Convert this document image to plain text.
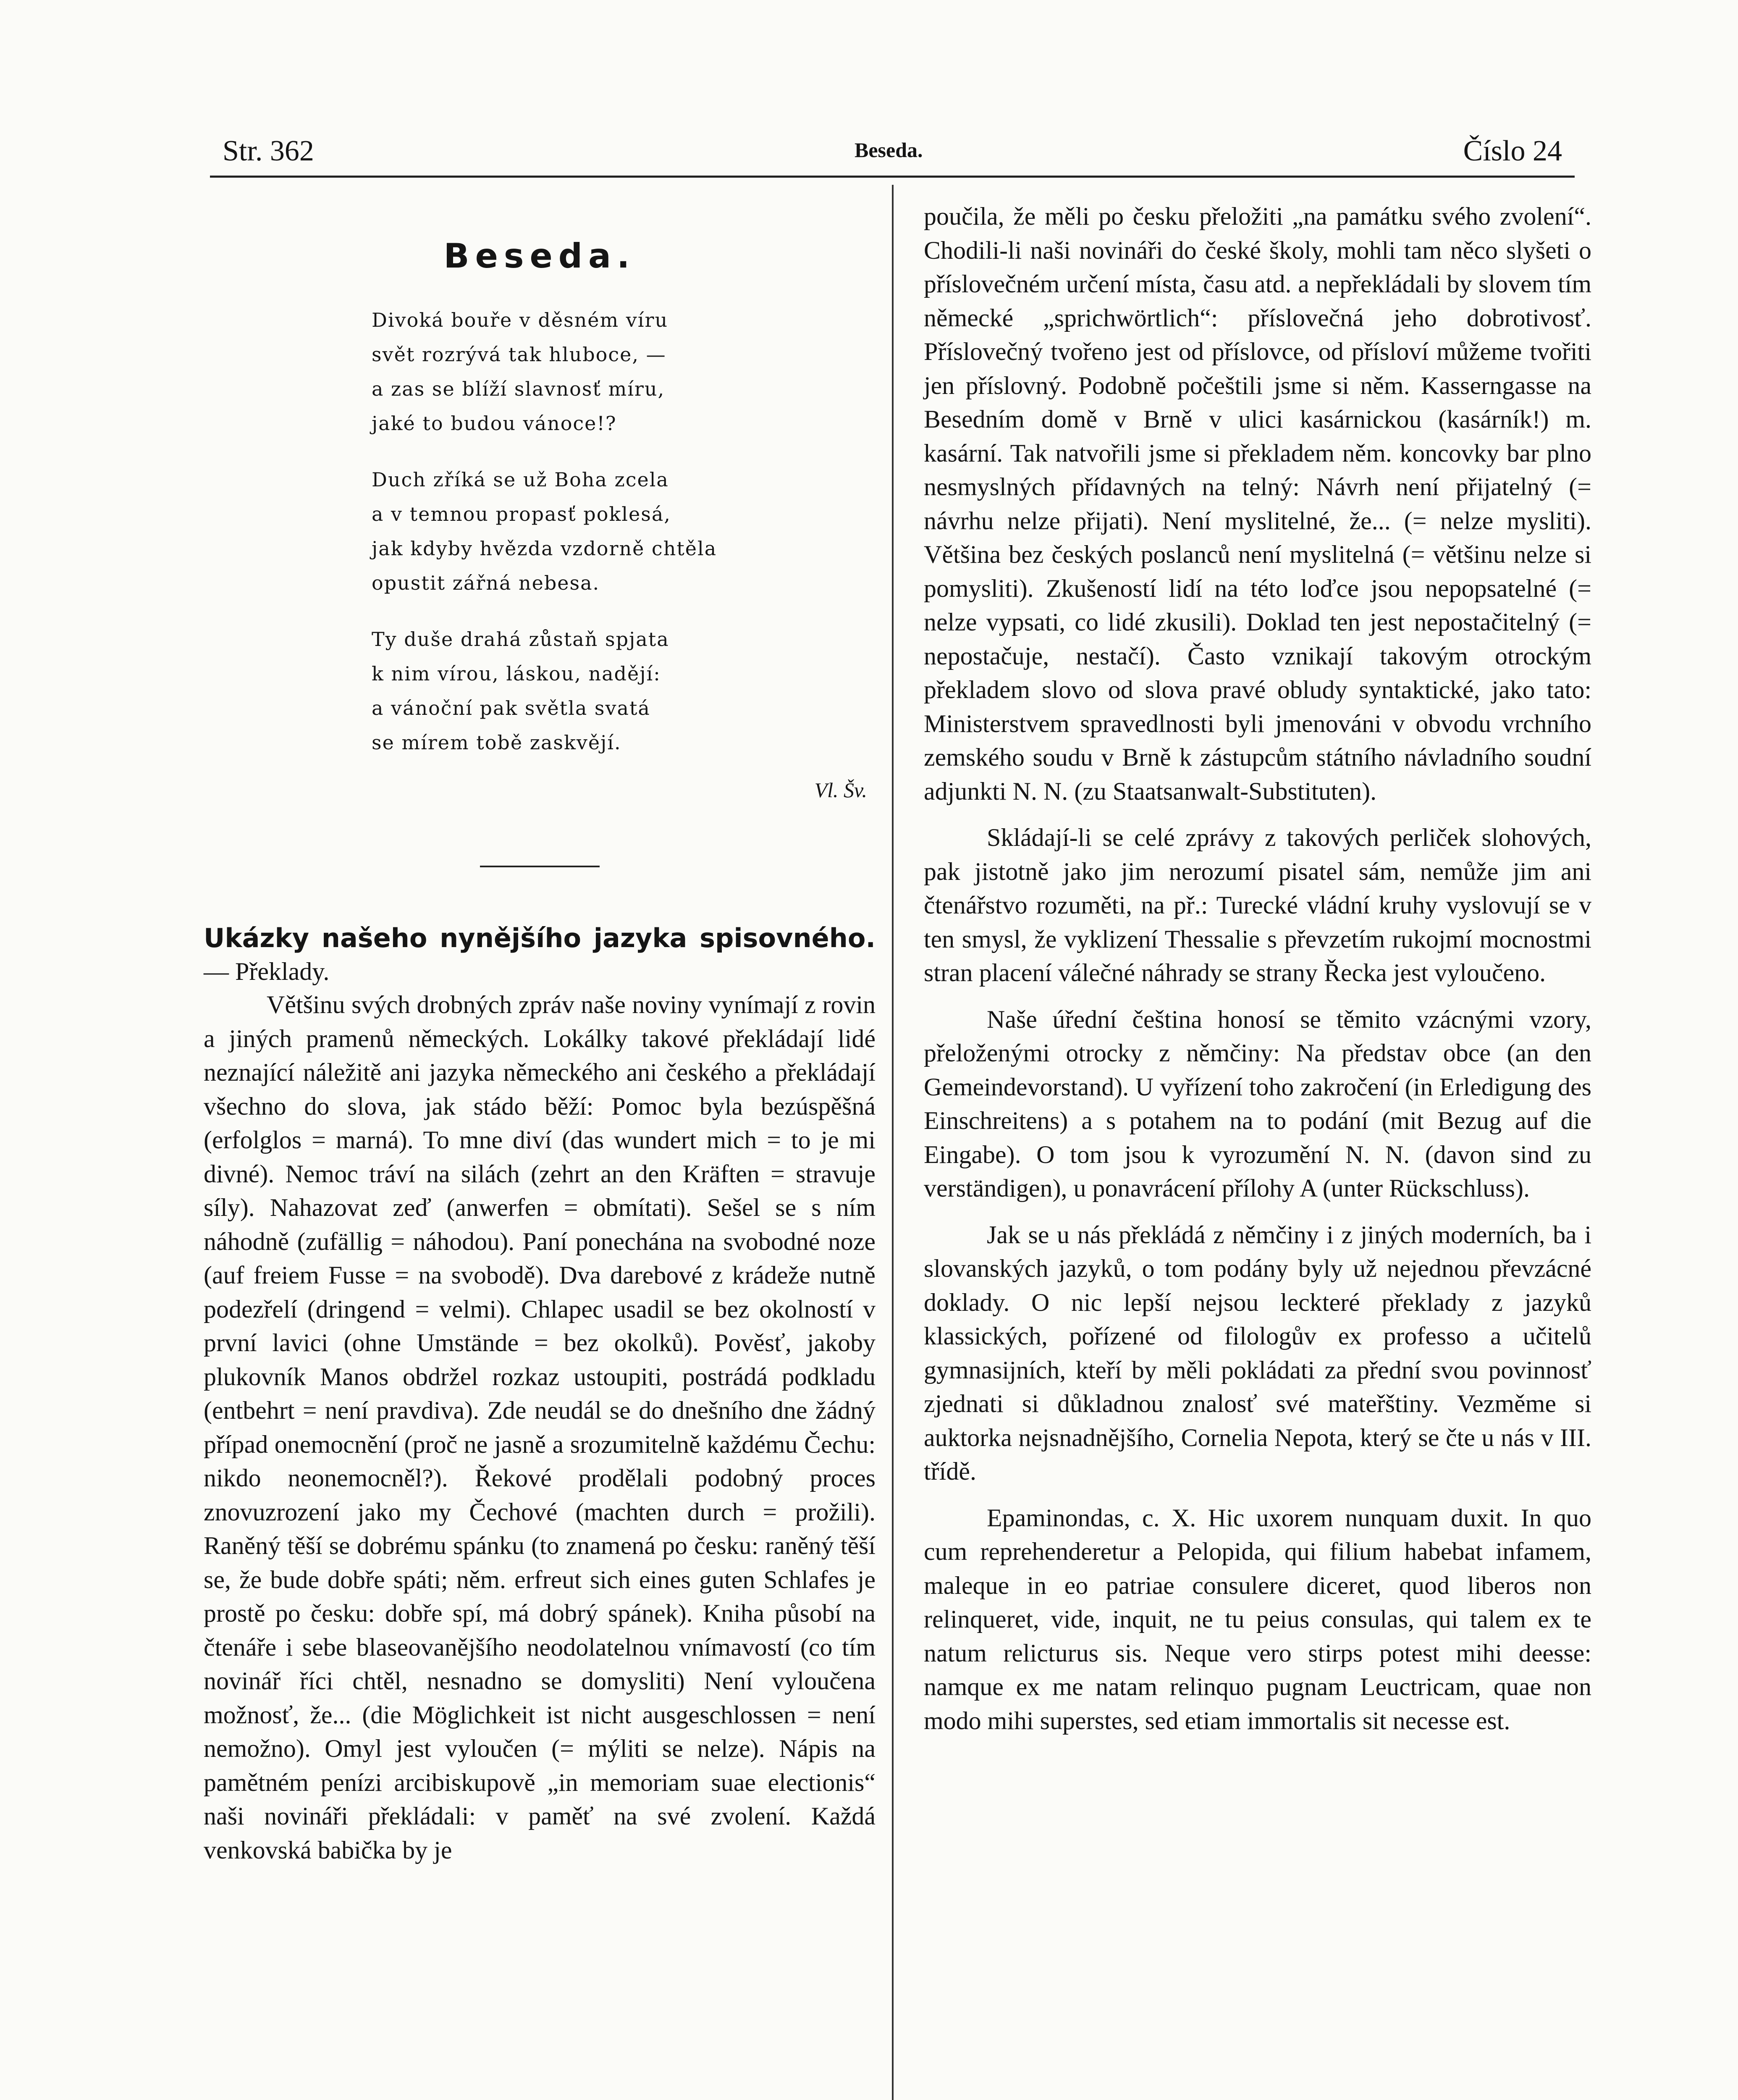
Str. 362	Beseda.	Číslo 24

Beseda.

Divoká bouře v děsném víru
svět rozrývá tak hluboce, —
a zas se blíží slavnosť míru,
jaké to budou vánoce!?
Duch zříká se už Boha zcela
a v temnou propasť poklesá,
jak kdyby hvězda vzdorně chtěla
opustit zářná nebesa.
Ty duše drahá zůstaň spjata
k nim vírou, láskou, nadějí:
a vánoční pak světla svatá
se mírem tobě zaskvějí.

Vl. Šv.

Ukázky našeho nynějšího jazyka spisovného. — Překlady.

Většinu svých drobných zpráv naše noviny vynímají z rovin a jiných pramenů německých. Lokálky takové překládají lidé neznající náležitě ani jazyka německého ani českého a překládají všechno do slova, jak stádo běží: Pomoc byla bezúspěšná (erfolglos = marná). To mne diví (das wundert mich = to je mi divné). Nemoc tráví na silách (zehrt an den Kräften = stravuje síly). Nahazovat zeď (anwerfen = obmítati). Sešel se s ním náhodně (zufällig = náhodou). Paní ponechána na svobodné noze (auf freiem Fusse = na svobodě). Dva darebové z krádeže nutně podezřelí (dringend = velmi). Chlapec usadil se bez okolností v první lavici (ohne Umstände = bez okolků). Pověsť, jakoby plukovník Manos obdržel rozkaz ustoupiti, postrádá podkladu (entbehrt = není pravdiva). Zde neudál se do dnešního dne žádný případ onemocnění (proč ne jasně a srozumitelně každému Čechu: nikdo neonemocněl?). Řekové prodělali podobný proces znovuzrození jako my Čechové (machten durch = prožili). Raněný těší se dobrému spánku (to znamená po česku: raněný těší se, že bude dobře spáti; něm. erfreut sich eines guten Schlafes je prostě po česku: dobře spí, má dobrý spánek). Kniha působí na čtenáře i sebe blaseovanějšího neodolatelnou vnímavostí (co tím novinář říci chtěl, nesnadno se domysliti) Není vyloučena možnosť, že... (die Möglichkeit ist nicht ausgeschlossen = není nemožno). Omyl jest vyloučen (= mýliti se nelze). Nápis na pamětném penízi arcibiskupově „in memoriam suae electionis“ naši novináři překládali: v paměť na své zvolení. Každá venkovská babička by je

poučila, že měli po česku přeložiti „na památku svého zvolení“. Chodili-li naši novináři do české školy, mohli tam něco slyšeti o příslovečném určení místa, času atd. a nepřekládali by slovem tím německé „sprichwörtlich“: příslovečná jeho dobrotivosť. Příslovečný tvořeno jest od příslovce, od přísloví můžeme tvořiti jen příslovný. Podobně počeštili jsme si něm. Kasserngasse na Besedním domě v Brně v ulici kasárnickou (kasárník!) m. kasární. Tak natvořili jsme si překladem něm. koncovky bar plno nesmyslných přídavných na telný: Návrh není přijatelný (= návrhu nelze přijati). Není myslitelné, že... (= nelze mysliti). Většina bez českých poslanců není myslitelná (= většinu nelze si pomysliti). Zkušeností lidí na této loďce jsou nepopsatelné (= nelze vypsati, co lidé zkusili). Doklad ten jest nepostačitelný (= nepostačuje, nestačí). Často vznikají takovým otrockým překladem slovo od slova pravé obludy syntaktické, jako tato: Ministerstvem spravedlnosti byli jmenováni v obvodu vrchního zemského soudu v Brně k zástupcům státního návladního soudní adjunkti N. N. (zu Staatsanwalt-Substituten).

Skládají-li se celé zprávy z takových perliček slohových, pak jistotně jako jim nerozumí pisatel sám, nemůže jim ani čtenářstvo rozuměti, na př.: Turecké vládní kruhy vyslovují se v ten smysl, že vyklizení Thessalie s převzetím rukojmí mocnostmi stran placení válečné náhrady se strany Řecka jest vyloučeno.

Naše úřední čeština honosí se těmito vzácnými vzory, přeloženými otrocky z němčiny: Na představ obce (an den Gemeindevorstand). U vyřízení toho zakročení (in Erledigung des Einschreitens) a s potahem na to podání (mit Bezug auf die Eingabe). O tom jsou k vyrozumění N. N. (davon sind zu verständigen), u ponavrácení přílohy A (unter Rückschluss).

Jak se u nás překládá z němčiny i z jiných moderních, ba i slovanských jazyků, o tom podány byly už nejednou převzácné doklady. O nic lepší nejsou leckteré překlady z jazyků klassických, pořízené od filologův ex professo a učitelů gymnasijních, kteří by měli pokládati za přední svou povinnosť zjednati si důkladnou znalosť své mateřštiny. Vezměme si auktorka nejsnadnějšího, Cornelia Nepota, který se čte u nás v III. třídě.

Epaminondas, c. X. Hic uxorem nunquam duxit. In quo cum reprehenderetur a Pelopida, qui filium habebat infamem, maleque in eo patriae consulere diceret, quod liberos non relinqueret, vide, inquit, ne tu peius consulas, qui talem ex te natum relicturus sis. Neque vero stirps potest mihi deesse: namque ex me natam relinquo pugnam Leuctricam, quae non modo mihi superstes, sed etiam immortalis sit necesse est.
